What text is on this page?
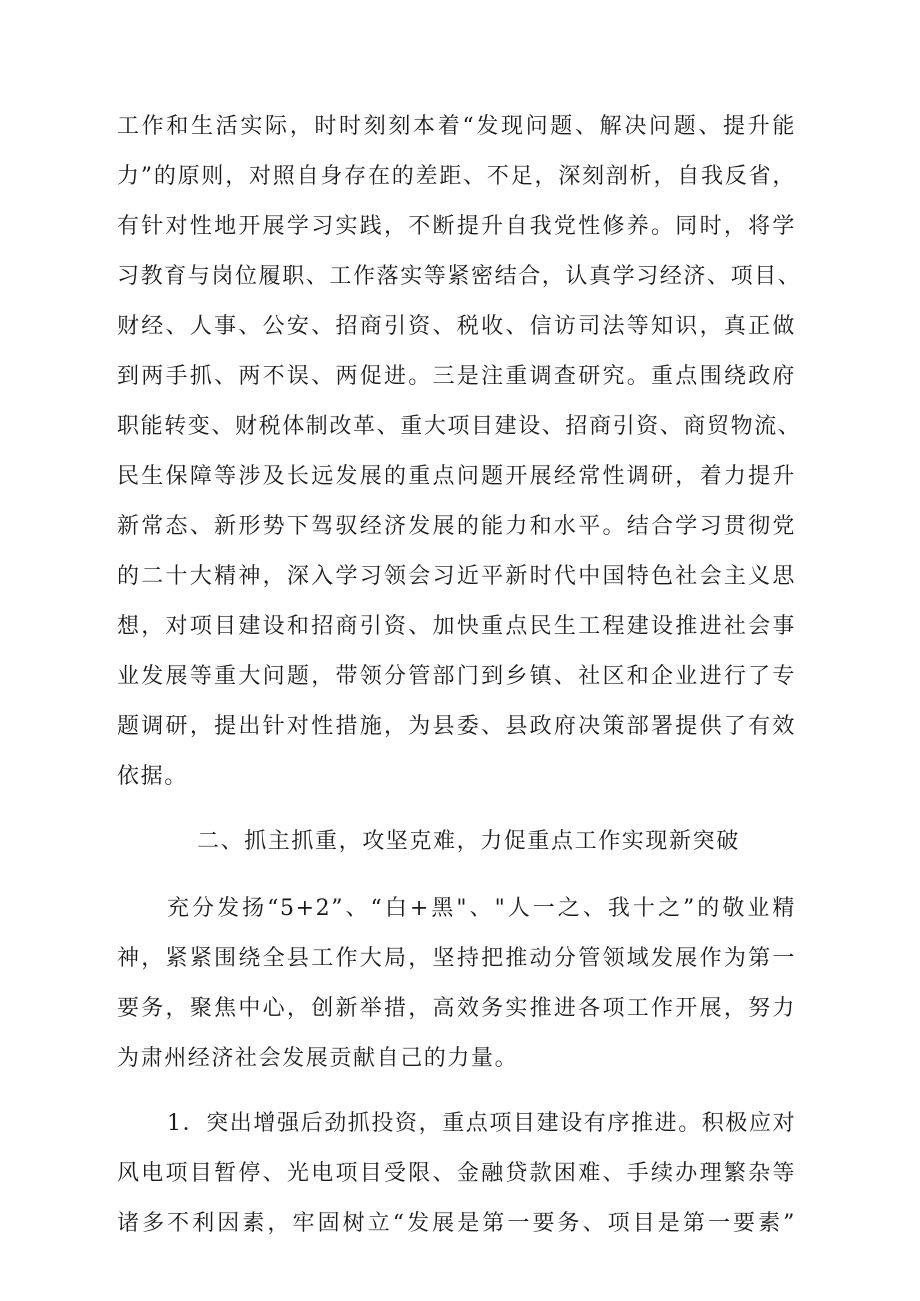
工作和生活实际，时时刻刻本着“发现问题、解决问题、提升能
力”的原则，对照自身存在的差距、不足，深刻剖析，自我反省，
有针对性地开展学习实践，不断提升自我党性修养。同时，将学
习教育与岗位履职、工作落实等紧密结合，认真学习经济、项目、
财经、人事、公安、招商引资、税收、信访司法等知识，真正做
到两手抓、两不误、两促进。三是注重调查研究。重点围绕政府
职能转变、财税体制改革、重大项目建设、招商引资、商贸物流、
民生保障等涉及长远发展的重点问题开展经常性调研，着力提升
新常态、新形势下驾驭经济发展的能力和水平。结合学习贯彻党
的二十大精神，深入学习领会习近平新时代中国特色社会主义思
想，对项目建设和招商引资、加快重点民生工程建设推进社会事
业发展等重大问题，带领分管部门到乡镇、社区和企业进行了专
题调研，提出针对性措施，为县委、县政府决策部署提供了有效
依据。
二、抓主抓重，攻坚克难，力促重点工作实现新突破
充分发扬“5+2”、“白+黑"、"人一之、我十之”的敬业精
神，紧紧围绕全县工作大局，坚持把推动分管领域发展作为第一
要务，聚焦中心，创新举措，高效务实推进各项工作开展，努力
为肃州经济社会发展贡献自己的力量。
1．突出增强后劲抓投资，重点项目建设有序推进。积极应对
风电项目暂停、光电项目受限、金融贷款困难、手续办理繁杂等
诸多不利因素，牢固树立“发展是第一要务、项目是第一要素”
